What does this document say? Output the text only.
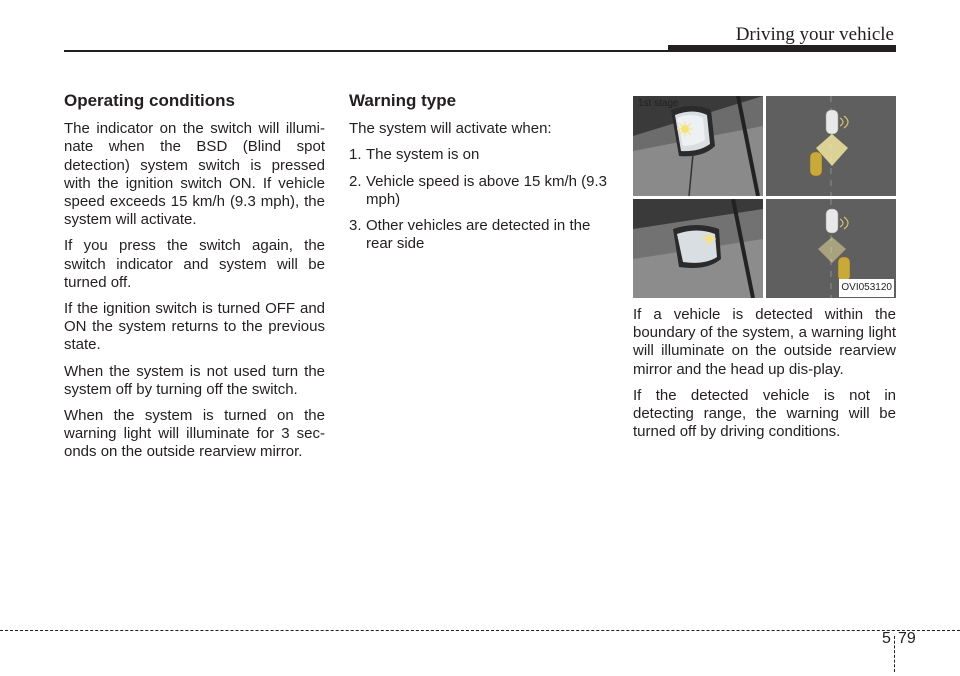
Driving your vehicle
Operating conditions

The indicator on the switch will illumi-nate when the BSD (Blind spot detection) system switch is pressed with the ignition switch ON. If vehicle speed exceeds 15 km/h (9.3 mph), the system will activate.

If you press the switch again, the switch indicator and system will be turned off.

If the ignition switch is turned OFF and ON the system returns to the previous state.

When the system is not used turn the system off by turning off the switch.

When the system is turned on the warning light will illuminate for 3 sec-onds on the outside rearview mirror.

Warning type

The system will activate when:

1. The system is on
2. Vehicle speed is above 15 km/h (9.3 mph)
3. Other vehicles are detected in the rear side
1st stage
OVI053120

If a vehicle is detected within the boundary of the system, a warning light will illuminate on the outside rearview mirror and the head up dis-play.

If the detected vehicle is not in detecting range, the warning will be turned off by driving conditions.

5 79
